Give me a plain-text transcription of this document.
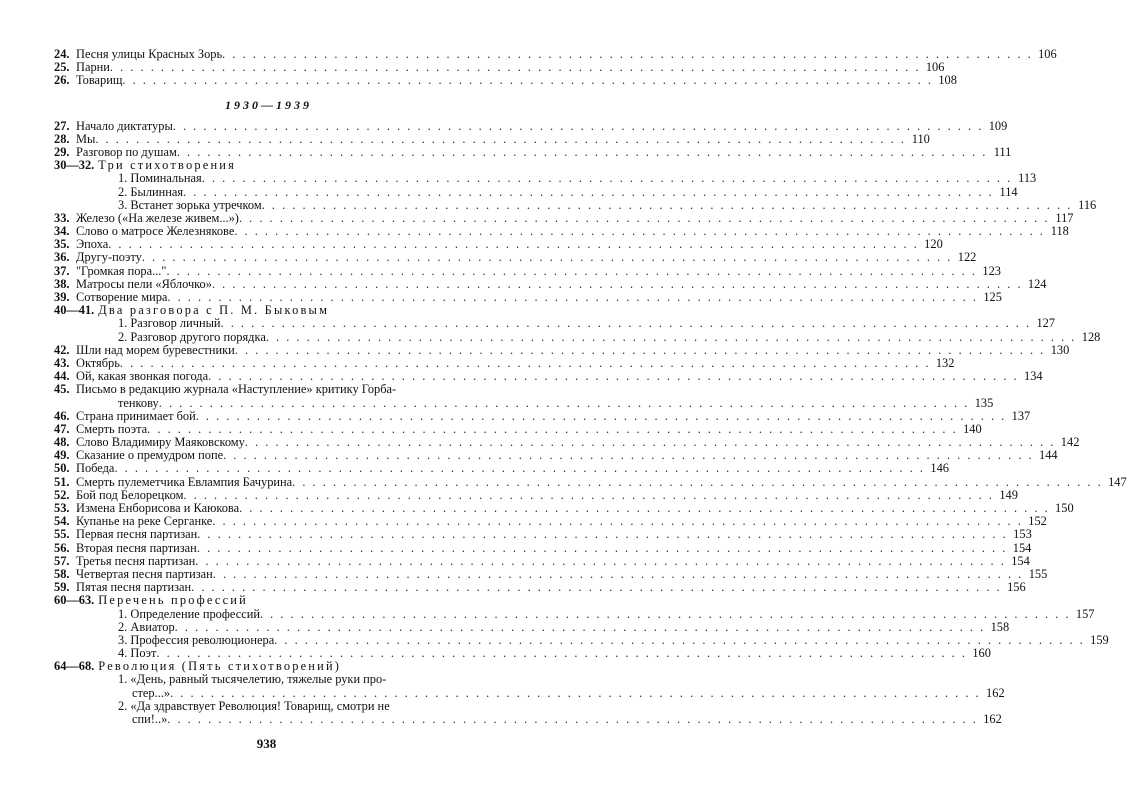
24. Песня улицы Красных Зорь . . .	106
25. Парни . . .	106
26. Товарищ . . .	108
1930—1939
27. Начало диктатуры . . .	109
28. Мы . . .	110
29. Разговор по душам . . .	111
30—32. Три стихотворения
1. Поминальная . . .	113
2. Былинная . . .	114
3. Встанет зорька утречком . . .	116
33. Железо («На железе живем...») . . .	117
34. Слово о матросе Железнякове . . .	118
35. Эпоха . . .	120
36. Другу-поэту . . .	122
37. "Громкая пора..." . . .	123
38. Матросы пели «Яблочко» . . .	124
39. Сотворение мира . . .	125
40—41. Два разговора с П. М. Быковым
1. Разговор личный . . .	127
2. Разговор другого порядка . . .	128
42. Шли над морем буревестники . . .	130
43. Октябрь . . .	132
44. Ой, какая звонкая погода . . .	134
45. Письмо в редакцию журнала «Наступление» критику Горба-
тенкову . . .	135
46. Страна принимает бой . . .	137
47. Смерть поэта . . .	140
48. Слово Владимиру Маяковскому . . .	142
49. Сказание о премудром попе . . .	144
50. Победа . . .	146
51. Смерть пулеметчика Евлампия Бачурина . . .	147
52. Бой под Белорецком . . .	149
53. Измена Енборисова и Каюкова . . .	150
54. Купанье на реке Серганке . . .	152
55. Первая песня партизан . . .	153
56. Вторая песня партизан . . .	154
57. Третья песня партизан . . .	154
58. Четвертая песня партизан . . .	155
59. Пятая песня партизан . . .	156
60—63. Перечень профессий
1. Определение профессий . . .	157
2. Авиатор . . .	158
3. Профессия революционера . . .	159
4. Поэт . . .	160
64—68. Революция (Пять стихотворений)
1. «День, равный тысячелетию, тяжелые руки про-
стер...» . . .	162
2. «Да здравствует Революция! Товарищ, смотри не
спи!..» . . .	162
938
